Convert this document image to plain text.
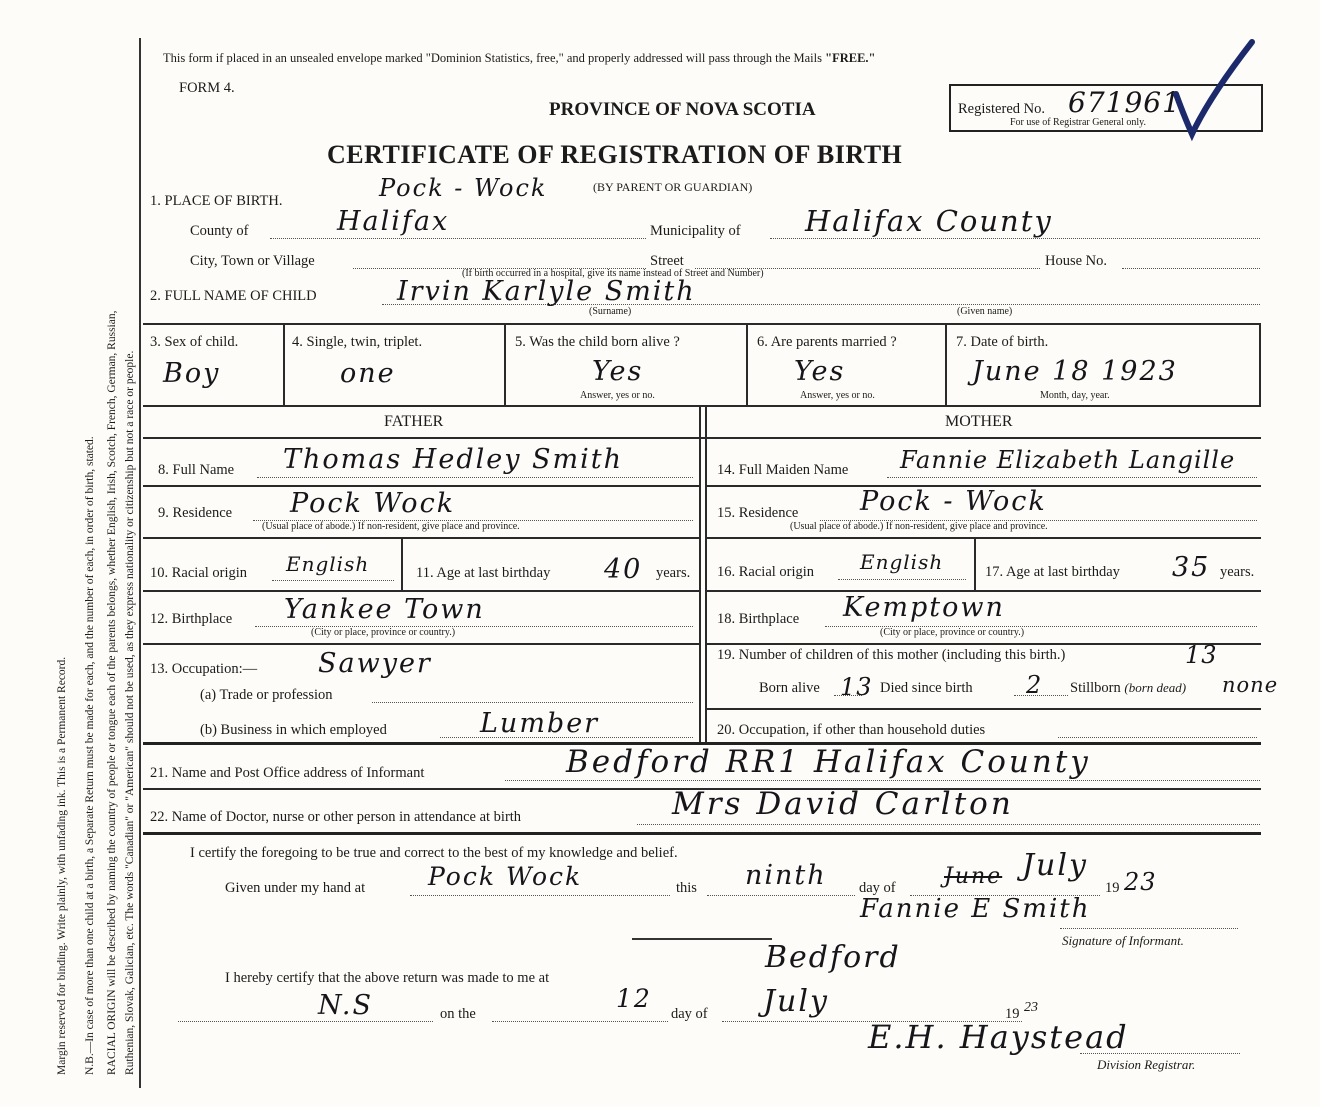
Margin reserved for binding. Write plainly, with unfading ink. This is a Permanent Record. N.B.—In case of more than one child at a birth, a Separate Return must be made for each, and the number of each, in order of birth, stated. RACIAL ORIGIN will be described by naming the country of people or tongue each of the parents belongs, whether English, Irish, Scotch, French, German, Russian, Ruthenian, Slovak, Galician, etc. The words "Canadian" or "American" should not be used, as they express nationality or citizenship but not a race or people.
This form if placed in an unsealed envelope marked "Dominion Statistics, free," and properly addressed will pass through the Mails "FREE."
FORM 4.
PROVINCE OF NOVA SCOTIA
CERTIFICATE OF REGISTRATION OF BIRTH
Registered No. 671961
For use of Registrar General only.
(BY PARENT OR GUARDIAN)
1. PLACE OF BIRTH.	Pock - Wock
County of	Halifax	Municipality of Halifax County
City, Town or Village	Street	House No.
(If birth occurred in a hospital, give its name instead of Street and Number)
2. FULL NAME OF CHILD	Irvin Karlyle Smith
(Surname)	(Given name)
3. Sex of child.
Boy
4. Single, twin, triplet.
one
5. Was the child born alive ?
Yes
Answer, yes or no.
6. Are parents married ?
Yes
Answer, yes or no.
7. Date of birth.
June 18 1923
Month, day, year.
FATHER
8. Full Name Thomas Hedley Smith
9. Residence Pock Wock
(Usual place of abode.) If non-resident, give place and province.
10. Racial origin English	11. Age at last birthday 40 years.
12. Birthplace Yankee Town
(City or place, province or country.)
13. Occupation:— Sawyer
(a) Trade or profession
(b) Business in which employed	Lumber
MOTHER
14. Full Maiden Name Fannie Elizabeth Langille
15. Residence Pock - Wock
(Usual place of abode.) If non-resident, give place and province.
16. Racial origin English	17. Age at last birthday 35 years.
18. Birthplace Kemptown
(City or place, province or country.)
19. Number of children of this mother (including this birth.)	13
Born alive 13 Died since birth 2 Stillborn (born dead) none
20. Occupation, if other than household duties
21. Name and Post Office address of Informant	Bedford RR1 Halifax County
22. Name of Doctor, nurse or other person in attendance at birth	Mrs David Carlton
I certify the foregoing to be true and correct to the best of my knowledge and belief.
Given under my hand at	Pock Wock	this ninth day of June July
19 23
Fannie E Smith
Signature of Informant.
I hereby certify that the above return was made to me at
Bedford
N.S	on the
12
day of July	19 23
E.H. Haystead
Division Registrar.
